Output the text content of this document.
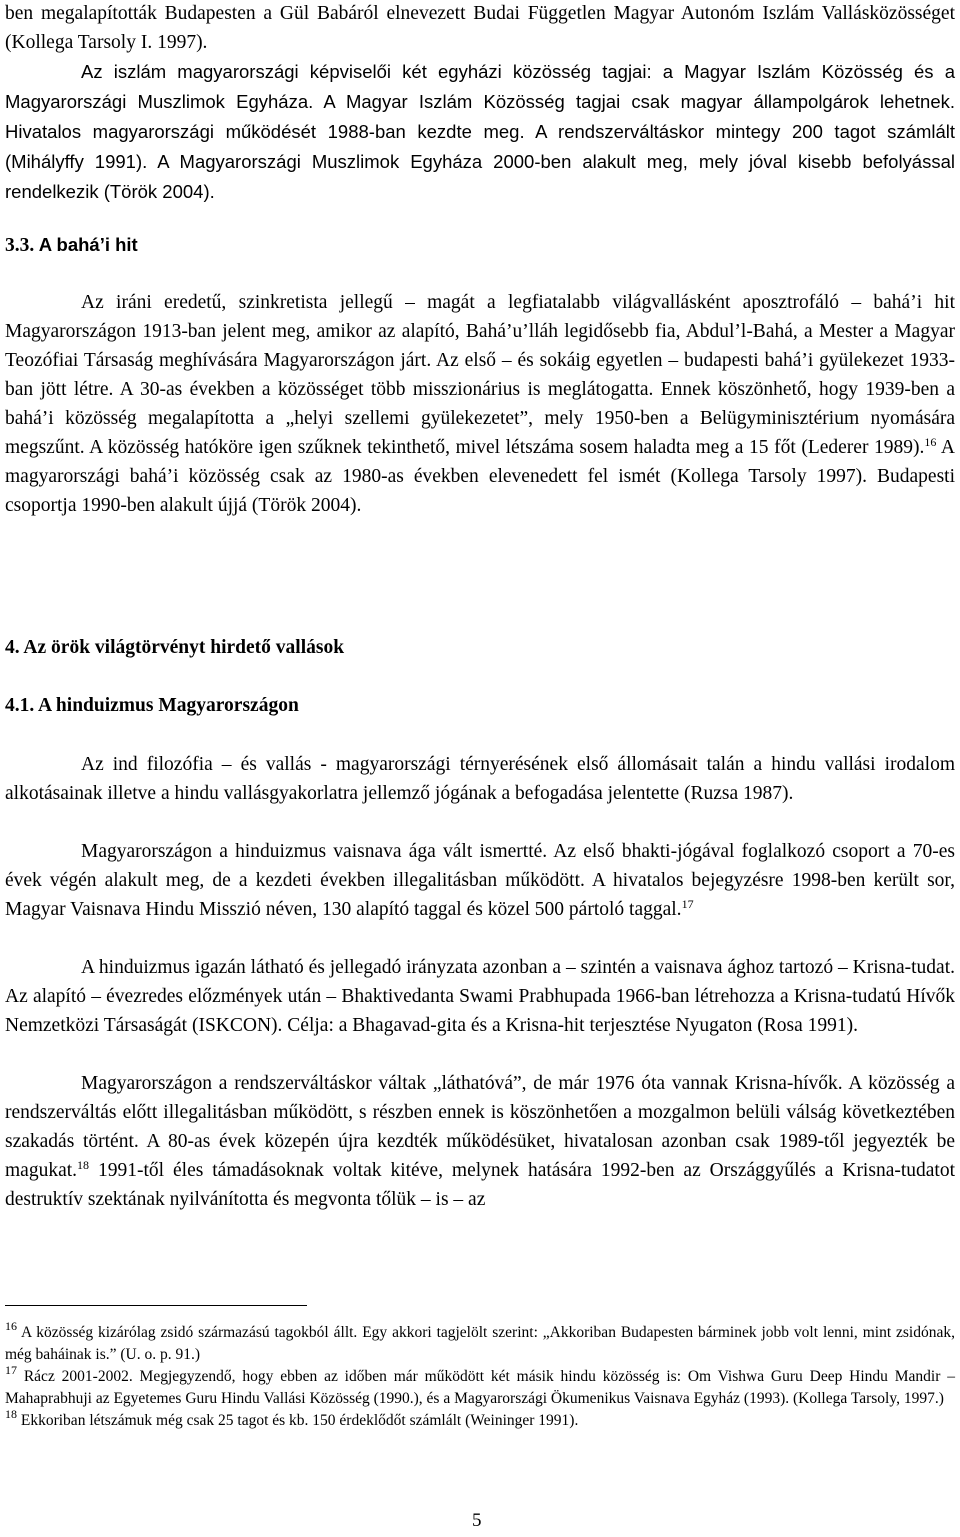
ben megalapították Budapesten a Gül Babáról elnevezett Budai Független Magyar Autonóm Iszlám Vallásközösséget (Kollega Tarsoly I. 1997).

Az iszlám magyarországi képviselői két egyházi közösség tagjai: a Magyar Iszlám Közösség és a Magyarországi Muszlimok Egyháza. A Magyar Iszlám Közösség tagjai csak magyar állampolgárok lehetnek. Hivatalos magyarországi működését 1988-ban kezdte meg. A rendszerváltáskor mintegy 200 tagot számlált (Mihályffy 1991). A Magyarországi Muszlimok Egyháza 2000-ben alakult meg, mely jóval kisebb befolyással rendelkezik (Török 2004).

3.3. A bahá’i hit

Az iráni eredetű, szinkretista jellegű – magát a legfiatalabb világvallásként aposztrofáló – bahá’i hit Magyarországon 1913-ban jelent meg, amikor az alapító, Bahá’u’lláh legidősebb fia, Abdul’l-Bahá, a Mester a Magyar Teozófiai Társaság meghívására Magyarországon járt. Az első – és sokáig egyetlen – budapesti bahá’i gyülekezet 1933-ban jött létre. A 30-as években a közösséget több misszionárius is meglátogatta. Ennek köszönhető, hogy 1939-ben a bahá’i közösség megalapította a „helyi szellemi gyülekezetet”, mely 1950-ben a Belügyminisztérium nyomására megszűnt. A közösség hatóköre igen szűknek tekinthető, mivel létszáma sosem haladta meg a 15 főt (Lederer 1989).$^{16}$ A magyarországi bahá’i közösség csak az 1980-as években elevenedett fel ismét (Kollega Tarsoly 1997). Budapesti csoportja 1990-ben alakult újjá (Török 2004).

4. Az örök világtörvényt hirdető vallások
4.1. A hinduizmus Magyarországon

Az ind filozófia – és vallás - magyarországi térnyerésének első állomásait talán a hindu vallási irodalom alkotásainak illetve a hindu vallásgyakorlatra jellemző jógának a befogadása jelentette (Ruzsa 1987).

Magyarországon a hinduizmus vaisnava ága vált ismertté. Az első bhakti-jógával foglalkozó csoport a 70-es évek végén alakult meg, de a kezdeti években illegalitásban működött. A hivatalos bejegyzésre 1998-ben került sor, Magyar Vaisnava Hindu Misszió néven, 130 alapító taggal és közel 500 pártoló taggal.$^{17}$

A hinduizmus igazán látható és jellegadó irányzata azonban a – szintén a vaisnava ághoz tartozó – Krisna-tudat. Az alapító – évezredes előzmények után – Bhaktivedanta Swami Prabhupada 1966-ban létrehozza a Krisna-tudatú Hívők Nemzetközi Társaságát (ISKCON). Célja: a Bhagavad-gita és a Krisna-hit terjesztése Nyugaton (Rosa 1991).

Magyarországon a rendszerváltáskor váltak „láthatóvá”, de már 1976 óta vannak Krisna-hívők. A közösség a rendszerváltás előtt illegalitásban működött, s részben ennek is köszönhetően a mozgalmon belüli válság következtében szakadás történt. A 80-as évek közepén újra kezdték működésüket, hivatalosan azonban csak 1989-től jegyezték be magukat.$^{18}$ 1991-től éles támadásoknak voltak kitéve, melynek hatására 1992-ben az Országgyűlés a Krisna-tudatot destruktív szektának nyilvánította és megvonta tőlük – is – az

$^{16}$ A közösség kizárólag zsidó származású tagokból állt. Egy akkori tagjelölt szerint: „Akkoriban Budapesten bárminek jobb volt lenni, mint zsidónak, még baháinak is.” (U. o. p. 91.)

$^{17}$ Rácz 2001-2002. Megjegyzendő, hogy ebben az időben már működött két másik hindu közösség is: Om Vishwa Guru Deep Hindu Mandir – Mahaprabhuji az Egyetemes Guru Hindu Vallási Közösség (1990.), és a Magyarországi Ökumenikus Vaisnava Egyház (1993). (Kollega Tarsoly, 1997.)

$^{18}$ Ekkoriban létszámuk még csak 25 tagot és kb. 150 érdeklődőt számlált (Weininger 1991).

5
